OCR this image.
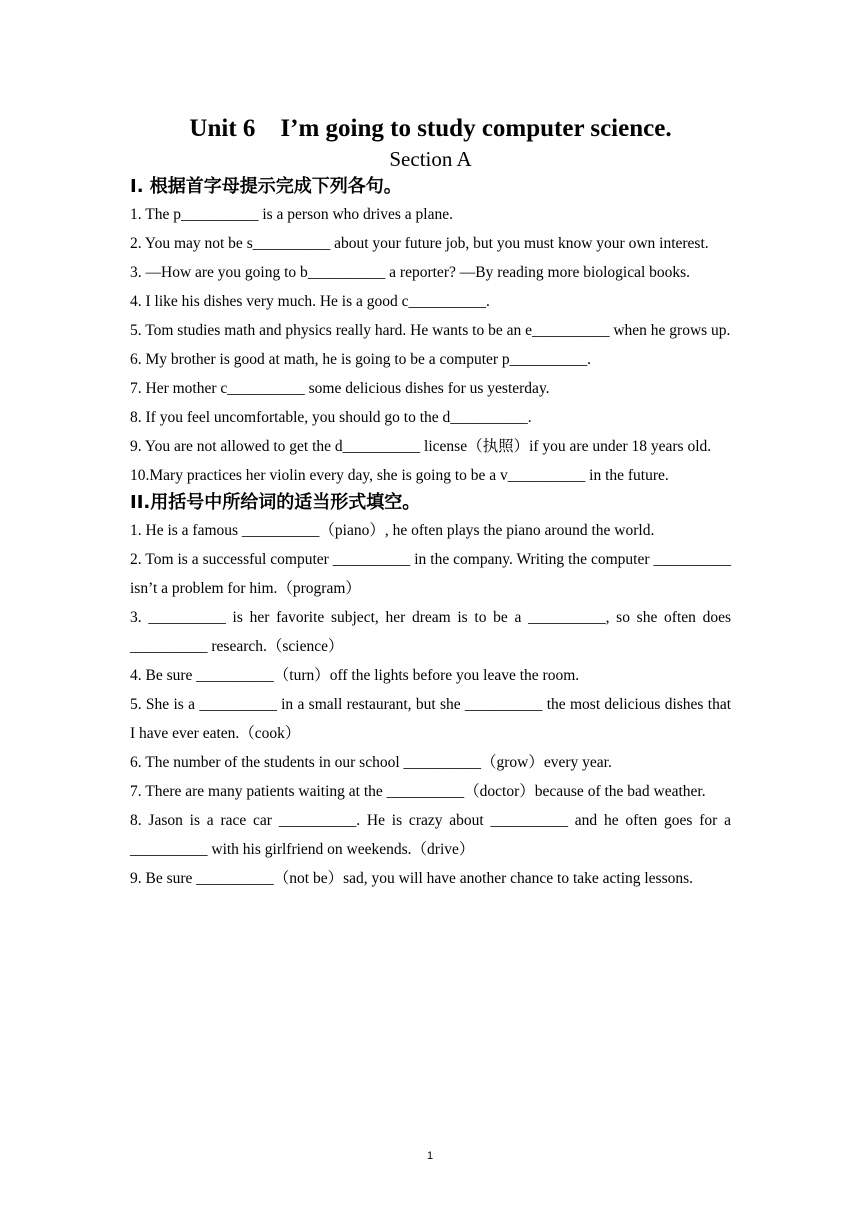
Unit 6    I’m going to study computer science.
Section A
I. 根据首字母提示完成下列各句。

1. The p__________ is a person who drives a plane.

2. You may not be s__________ about your future job, but you must know your own interest.

3. —How are you going to b__________ a reporter? —By reading more biological books.

4. I like his dishes very much. He is a good c__________.

5. Tom studies math and physics really hard. He wants to be an e__________ when he grows up.

6. My brother is good at math, he is going to be a computer p__________.

7. Her mother c__________ some delicious dishes for us yesterday.

8. If you feel uncomfortable, you should go to the d__________.

9. You are not allowed to get the d__________ license（执照）if you are under 18 years old.

10.Mary practices her violin every day, she is going to be a v__________ in the future.

II.用括号中所给词的适当形式填空。

1. He is a famous __________（piano）, he often plays the piano around the world.

2. Tom is a successful computer __________ in the company. Writing the computer __________ isn’t a problem for him.（program）

3. __________ is her favorite subject, her dream is to be a __________, so she often does __________ research.（science）

4. Be sure __________（turn）off the lights before you leave the room.

5. She is a __________ in a small restaurant, but she __________ the most delicious dishes that I have ever eaten.（cook）

6. The number of the students in our school __________（grow）every year.

7. There are many patients waiting at the __________（doctor）because of the bad weather.

8. Jason is a race car __________. He is crazy about __________ and he often goes for a __________ with his girlfriend on weekends.（drive）

9. Be sure __________（not be）sad, you will have another chance to take acting lessons.

1
